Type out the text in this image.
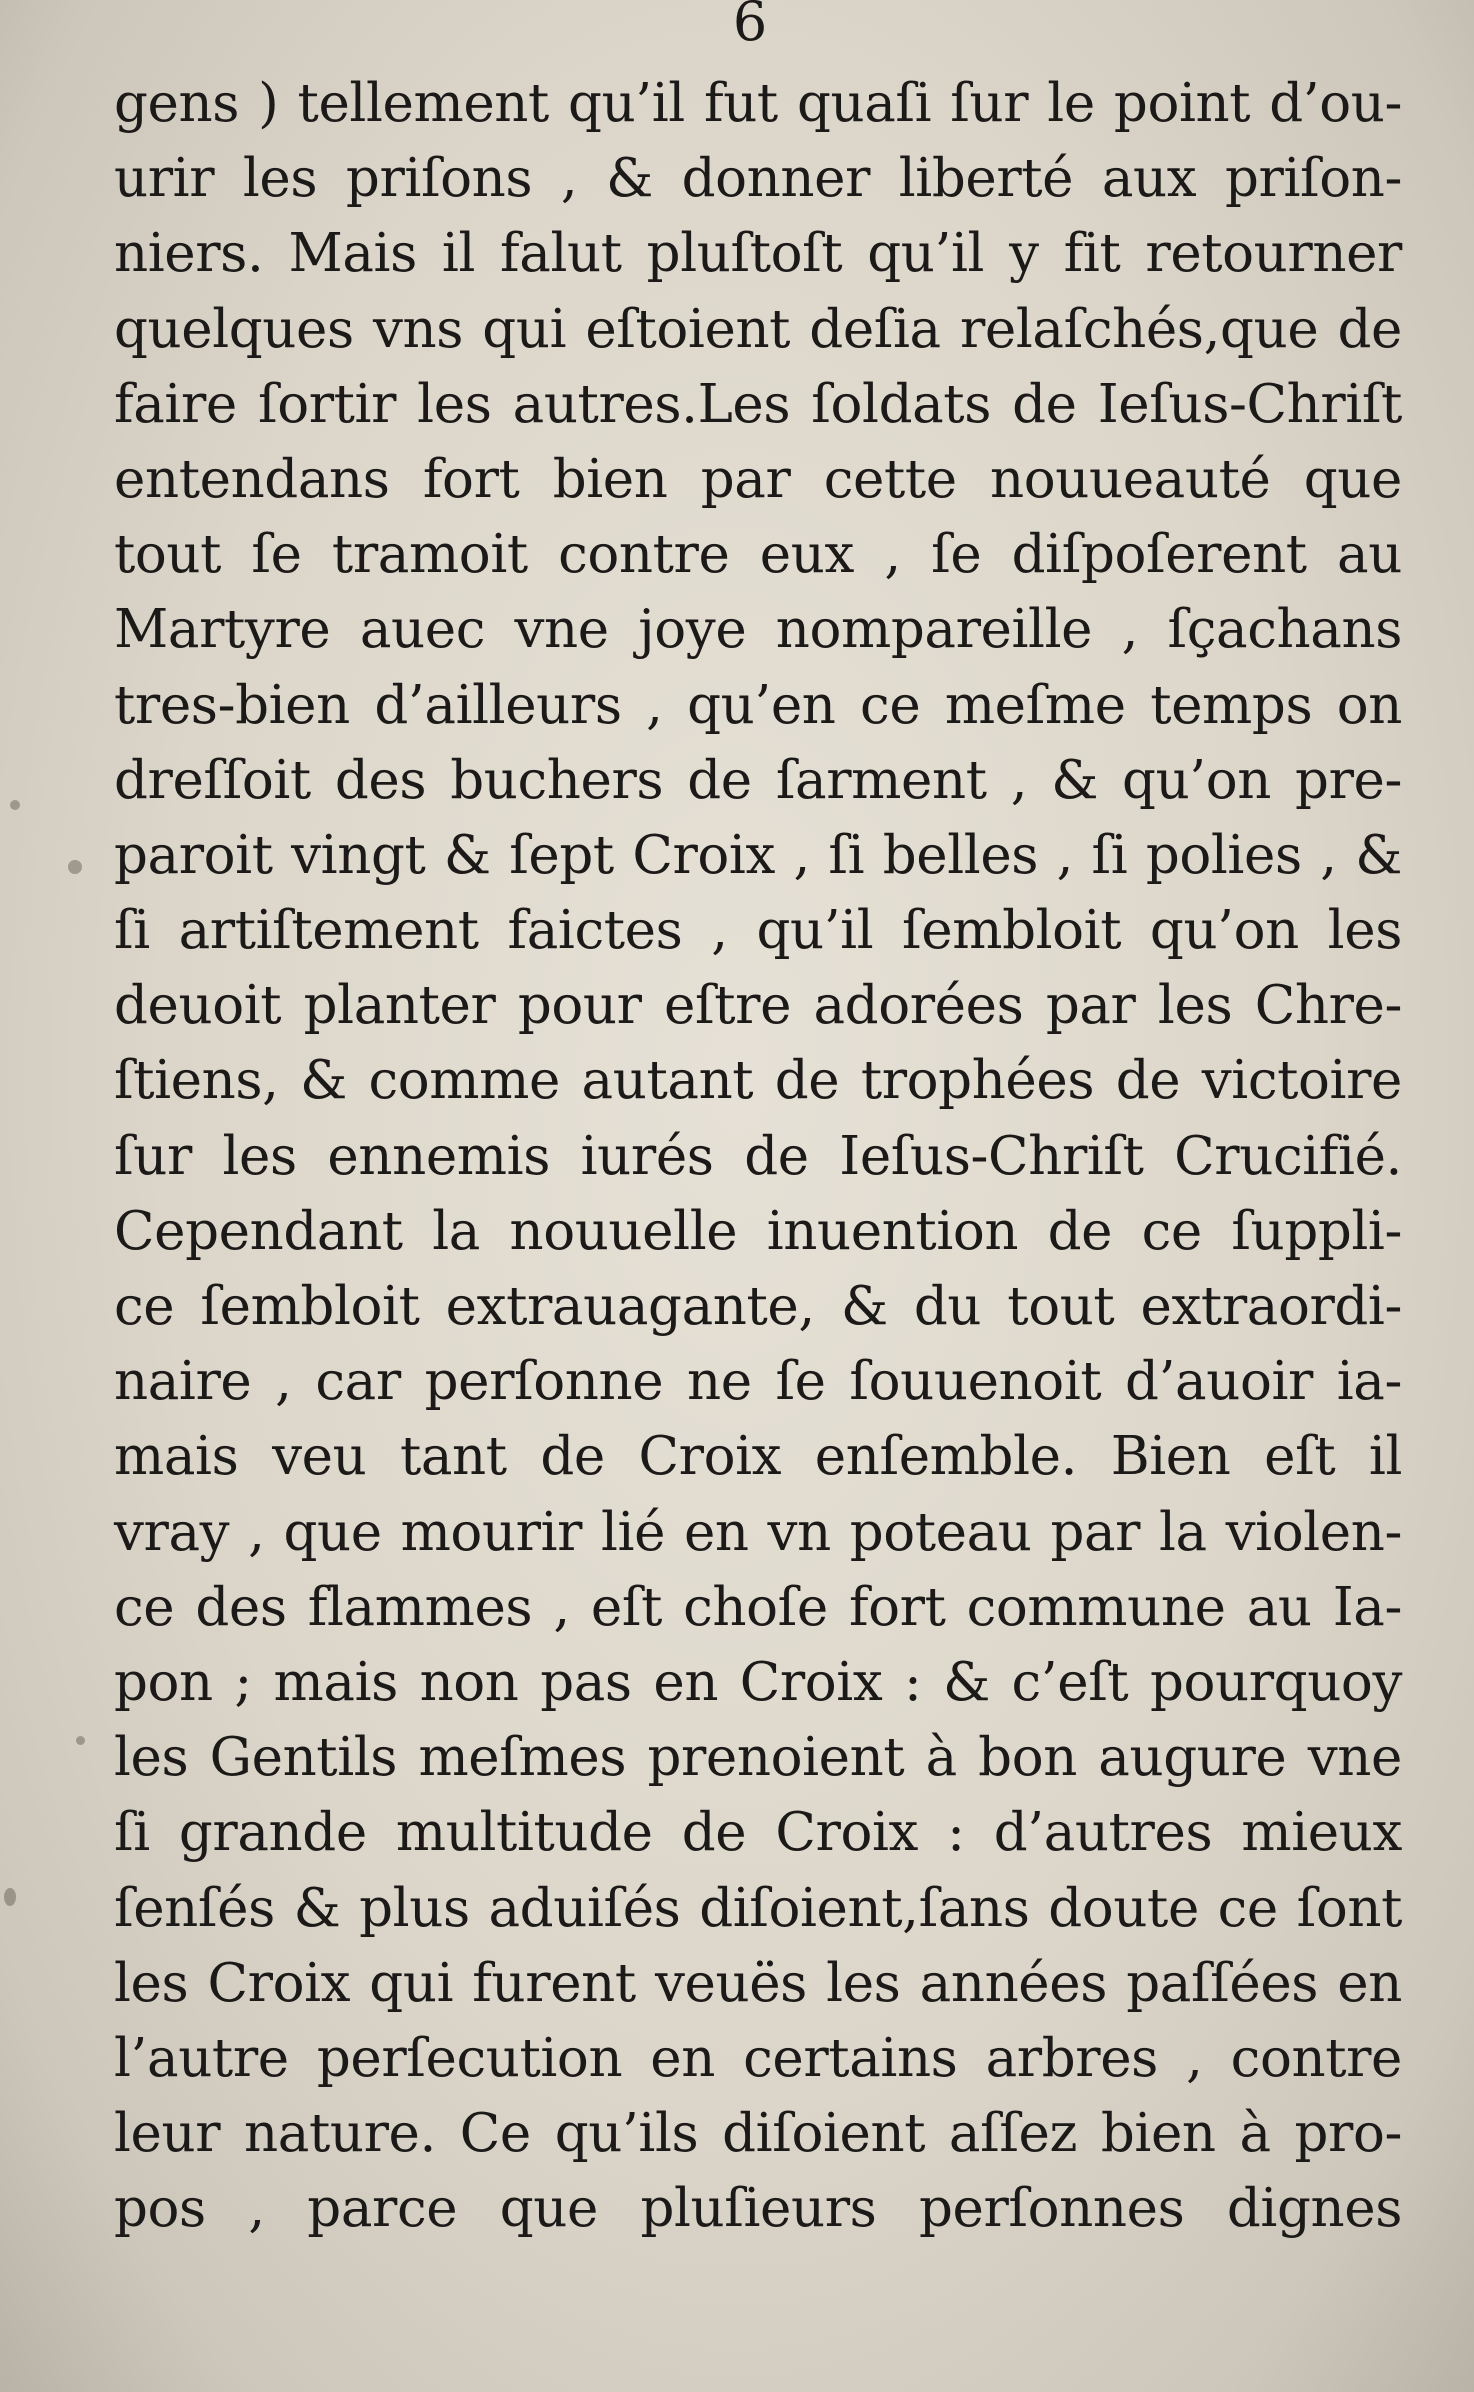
6
gens ) tellement qu’il fut quaſi ſur le point d’ou-
urir les priſons , & donner liberté aux priſon-
niers. Mais il falut pluſtoſt qu’il y fit retourner
quelques vns qui eſtoient deſia relaſchés,que de
faire ſortir les autres.Les ſoldats de Ieſus-Chriſt
entendans fort bien par cette nouueauté que
tout ſe tramoit contre eux , ſe diſpoſerent au
Martyre auec vne joye nompareille , ſçachans
tres-bien d’ailleurs , qu’en ce meſme temps on
dreſſoit des buchers de ſarment , & qu’on pre-
paroit vingt & ſept Croix , ſi belles , ſi polies , &
ſi artiſtement faictes , qu’il ſembloit qu’on les
deuoit planter pour eſtre adorées par les Chre-
ſtiens, & comme autant de trophées de victoire
ſur les ennemis iurés de Ieſus-Chriſt Crucifié.
Cependant la nouuelle inuention de ce ſuppli-
ce ſembloit extrauagante, & du tout extraordi-
naire , car perſonne ne ſe ſouuenoit d’auoir ia-
mais veu tant de Croix enſemble. Bien eſt il
vray , que mourir lié en vn poteau par la violen-
ce des flammes , eſt choſe fort commune au Ia-
pon ; mais non pas en Croix : & c’eſt pourquoy
les Gentils meſmes prenoient à bon augure vne
ſi grande multitude de Croix : d’autres mieux
ſenſés & plus aduiſés diſoient,ſans doute ce ſont
les Croix qui furent veuës les années paſſées en
l’autre perſecution en certains arbres , contre
leur nature. Ce qu’ils diſoient aſſez bien à pro-
pos , parce que pluſieurs perſonnes dignes
